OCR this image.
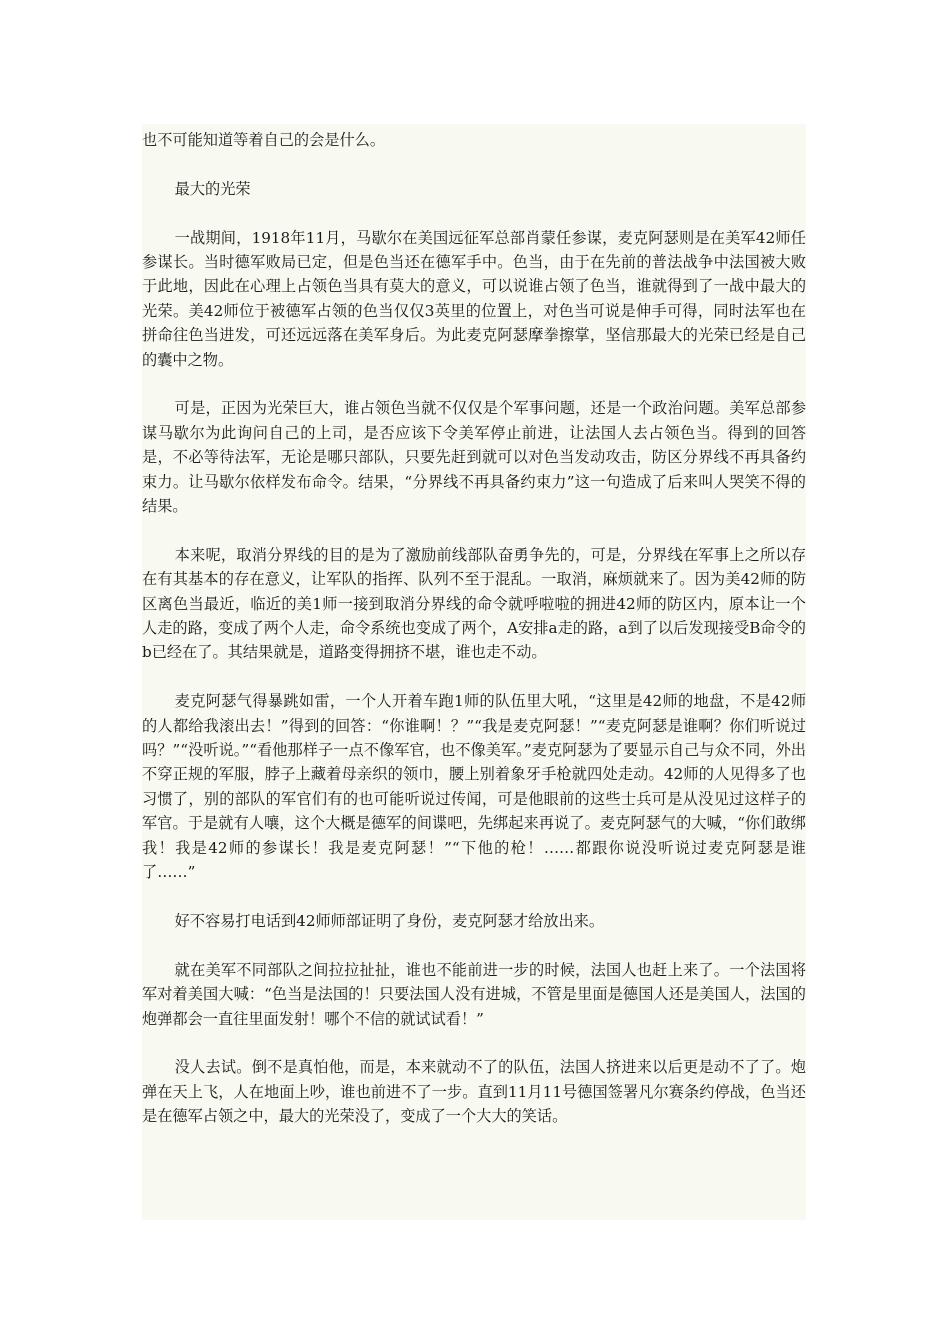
也不可能知道等着自己的会是什么。

最大的光荣

一战期间，1918年11月，马歇尔在美国远征军总部肖蒙任参谋，麦克阿瑟则是在美军42师任参谋长。当时德军败局已定，但是色当还在德军手中。色当，由于在先前的普法战争中法国被大败于此地，因此在心理上占领色当具有莫大的意义，可以说谁占领了色当，谁就得到了一战中最大的光荣。美42师位于被德军占领的色当仅仅3英里的位置上，对色当可说是伸手可得，同时法军也在拼命往色当进发，可还远远落在美军身后。为此麦克阿瑟摩拳擦掌，坚信那最大的光荣已经是自己的囊中之物。

可是，正因为光荣巨大，谁占领色当就不仅仅是个军事问题，还是一个政治问题。美军总部参谋马歇尔为此询问自己的上司，是否应该下令美军停止前进，让法国人去占领色当。得到的回答是，不必等待法军，无论是哪只部队，只要先赶到就可以对色当发动攻击，防区分界线不再具备约束力。让马歇尔依样发布命令。结果，“分界线不再具备约束力”这一句造成了后来叫人哭笑不得的结果。

本来呢，取消分界线的目的是为了激励前线部队奋勇争先的，可是，分界线在军事上之所以存在有其基本的存在意义，让军队的指挥、队列不至于混乱。一取消，麻烦就来了。因为美42师的防区离色当最近，临近的美1师一接到取消分界线的命令就呼啦啦的拥进42师的防区内，原本让一个人走的路，变成了两个人走，命令系统也变成了两个，A安排a走的路，a到了以后发现接受B命令的b已经在了。其结果就是，道路变得拥挤不堪，谁也走不动。

麦克阿瑟气得暴跳如雷，一个人开着车跑1师的队伍里大吼，“这里是42师的地盘，不是42师的人都给我滚出去！”得到的回答：“你谁啊！？”“我是麦克阿瑟！”“麦克阿瑟是谁啊？你们听说过吗？”“没听说。”“看他那样子一点不像军官，也不像美军。”麦克阿瑟为了要显示自己与众不同，外出不穿正规的军服，脖子上藏着母亲织的领巾，腰上别着象牙手枪就四处走动。42师的人见得多了也习惯了，别的部队的军官们有的也可能听说过传闻，可是他眼前的这些士兵可是从没见过这样子的军官。于是就有人嚷，这个大概是德军的间谍吧，先绑起来再说了。麦克阿瑟气的大喊，“你们敢绑我！我是42师的参谋长！我是麦克阿瑟！”“下他的枪！……都跟你说没听说过麦克阿瑟是谁了……”

好不容易打电话到42师师部证明了身份，麦克阿瑟才给放出来。

就在美军不同部队之间拉拉扯扯，谁也不能前进一步的时候，法国人也赶上来了。一个法国将军对着美国大喊：“色当是法国的！只要法国人没有进城，不管是里面是德国人还是美国人，法国的炮弹都会一直往里面发射！哪个不信的就试试看！”

没人去试。倒不是真怕他，而是，本来就动不了的队伍，法国人挤进来以后更是动不了了。炮弹在天上飞，人在地面上吵，谁也前进不了一步。直到11月11号德国签署凡尔赛条约停战，色当还是在德军占领之中，最大的光荣没了，变成了一个大大的笑话。
